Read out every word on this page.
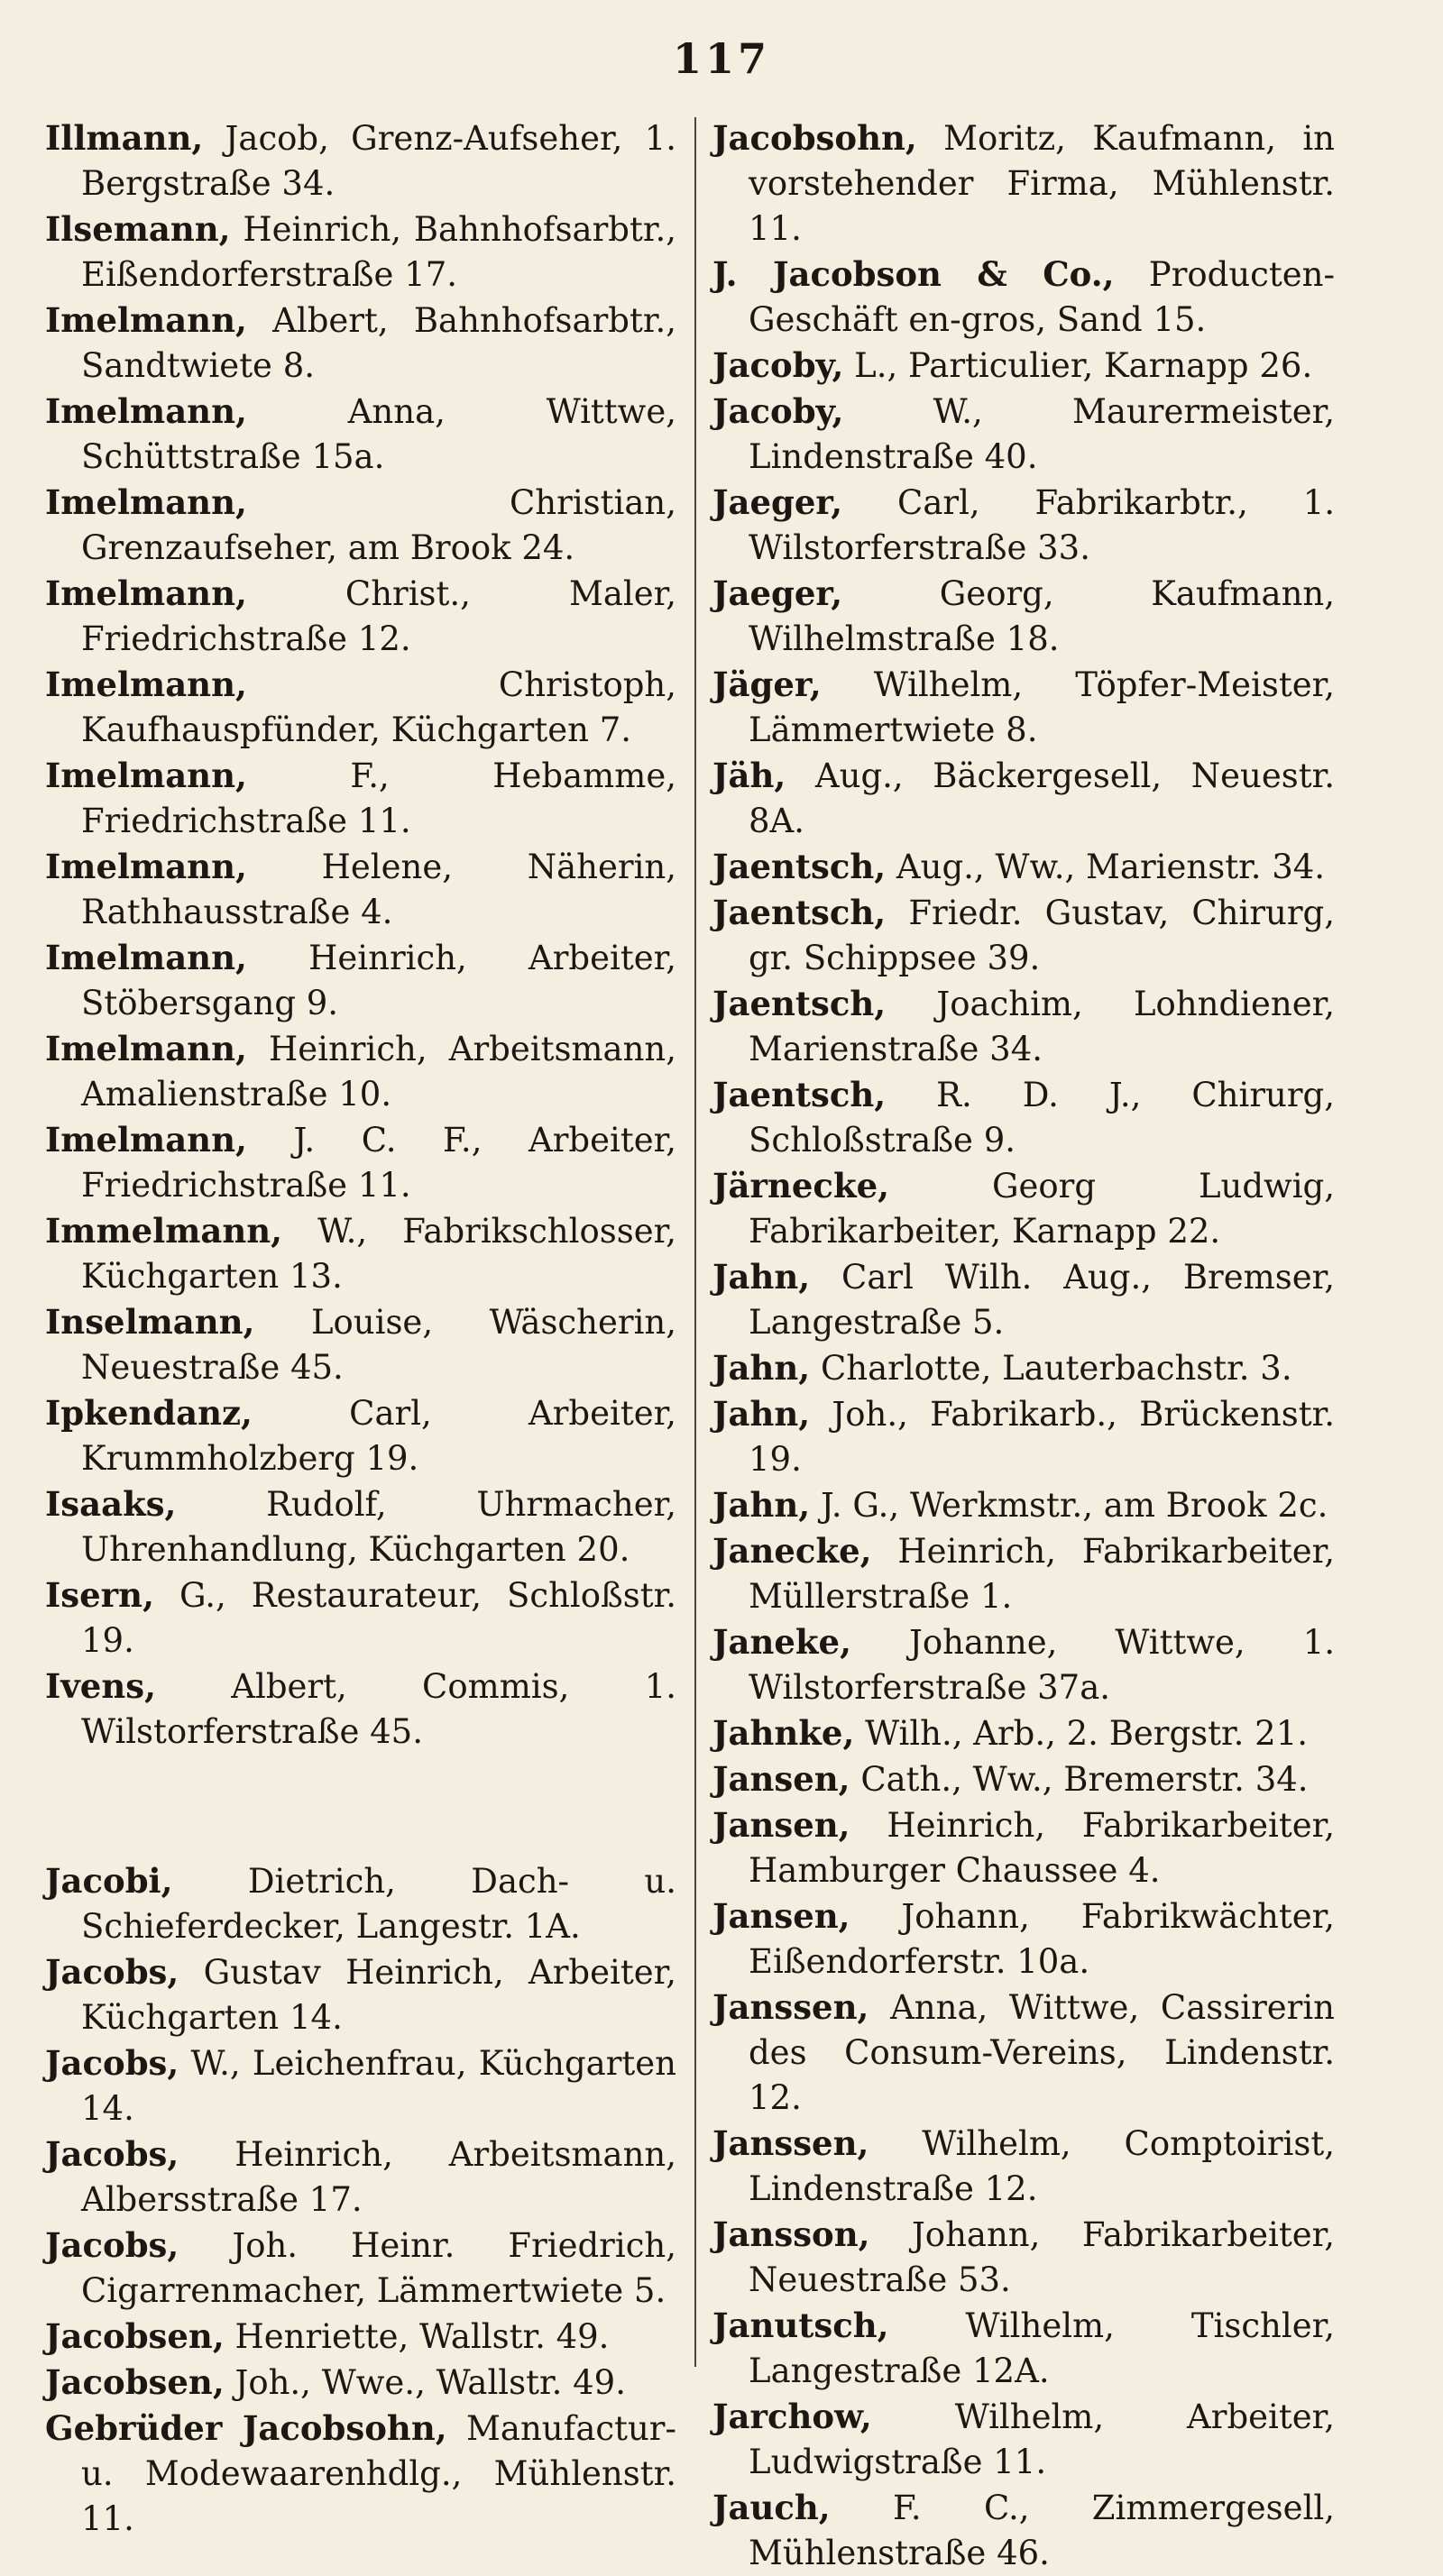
117

Illmann, Jacob, Grenz-Aufseher, 1. Bergstraße 34.

Ilsemann, Heinrich, Bahnhofsarbtr., Eißendorferstraße 17.

Imelmann, Albert, Bahnhofsarbtr., Sandtwiete 8.

Imelmann,	Anna, Wittwe, Schüttstraße 15a.

Imelmann,	Christian, Grenzaufseher, am Brook 24.

Imelmann,	Christ., Maler, Friedrichstraße 12.

Imelmann,	Christoph, Kaufhauspfünder, Küchgarten 7.

Imelmann,	F., Hebamme, Friedrichstraße 11.

Imelmann, Helene, Näherin, Rathhausstraße 4.

Imelmann, Heinrich, Arbeiter, Stöbersgang 9.

Imelmann, Heinrich, Arbeitsmann, Amalienstraße 10.

Imelmann, J. C. F., Arbeiter, Friedrichstraße 11.

Immelmann, W., Fabrikschlosser, Küchgarten 13.

Inselmann, Louise, Wäscherin, Neuestraße 45.

Ipkendanz,	Carl, Arbeiter, Krummholzberg 19.

Isaaks,	Rudolf, Uhrmacher, Uhrenhandlung, Küchgarten 20.

Isern, G., Restaurateur, Schloßstr. 19.

Ivens, Albert, Commis, 1. Wilstorferstraße 45.

Jacobi, Dietrich, Dach- u. Schieferdecker, Langestr. 1A.

Jacobs, Gustav Heinrich, Arbeiter, Küchgarten 14.

Jacobs, W., Leichenfrau, Küchgarten 14.

Jacobs, Heinrich, Arbeitsmann, Albersstraße 17.

Jacobs, Joh. Heinr. Friedrich, Cigarrenmacher, Lämmertwiete 5.

Jacobsen, Henriette, Wallstr. 49.

Jacobsen, Joh., Wwe., Wallstr. 49.

Gebrüder Jacobsohn, Manufactur- u. Modewaarenhdlg., Mühlenstr. 11.

Jacobsohn, Moritz, Kaufmann, in vorstehender Firma, Mühlenstr. 11.

J. Jacobson & Co., Producten-Geschäft en-gros, Sand 15.

Jacoby, L., Particulier, Karnapp 26.

Jacoby,	W., Maurermeister, Lindenstraße 40.

Jaeger, Carl, Fabrikarbtr., 1. Wilstorferstraße 33.

Jaeger,	Georg, Kaufmann, Wilhelmstraße 18.

Jäger, Wilhelm, Töpfer-Meister, Lämmertwiete 8.

Jäh, Aug., Bäckergesell, Neuestr. 8A.

Jaentsch, Aug., Ww., Marienstr. 34.

Jaentsch, Friedr. Gustav, Chirurg, gr. Schippsee 39.

Jaentsch, Joachim, Lohndiener, Marienstraße 34.

Jaentsch, R. D. J., Chirurg, Schloßstraße 9.

Järnecke,	Georg Ludwig, Fabrikarbeiter, Karnapp 22.

Jahn, Carl Wilh. Aug., Bremser, Langestraße 5.

Jahn, Charlotte, Lauterbachstr. 3.

Jahn, Joh., Fabrikarb., Brückenstr. 19.

Jahn, J. G., Werkmstr., am Brook 2c.

Janecke, Heinrich, Fabrikarbeiter, Müllerstraße 1.

Janeke, Johanne, Wittwe, 1. Wilstorferstraße 37a.

Jahnke, Wilh., Arb., 2. Bergstr. 21.

Jansen, Cath., Ww., Bremerstr. 34.

Jansen, Heinrich, Fabrikarbeiter, Hamburger Chaussee 4.

Jansen, Johann, Fabrikwächter, Eißendorferstr. 10a.

Janssen, Anna, Wittwe, Cassirerin des Consum-Vereins, Lindenstr. 12.

Janssen, Wilhelm, Comptoirist, Lindenstraße 12.

Jansson, Johann, Fabrikarbeiter, Neuestraße 53.

Janutsch, Wilhelm, Tischler, Langestraße 12A.

Jarchow, Wilhelm, Arbeiter, Ludwigstraße 11.

Jauch, F. C., Zimmergesell, Mühlenstraße 46.
